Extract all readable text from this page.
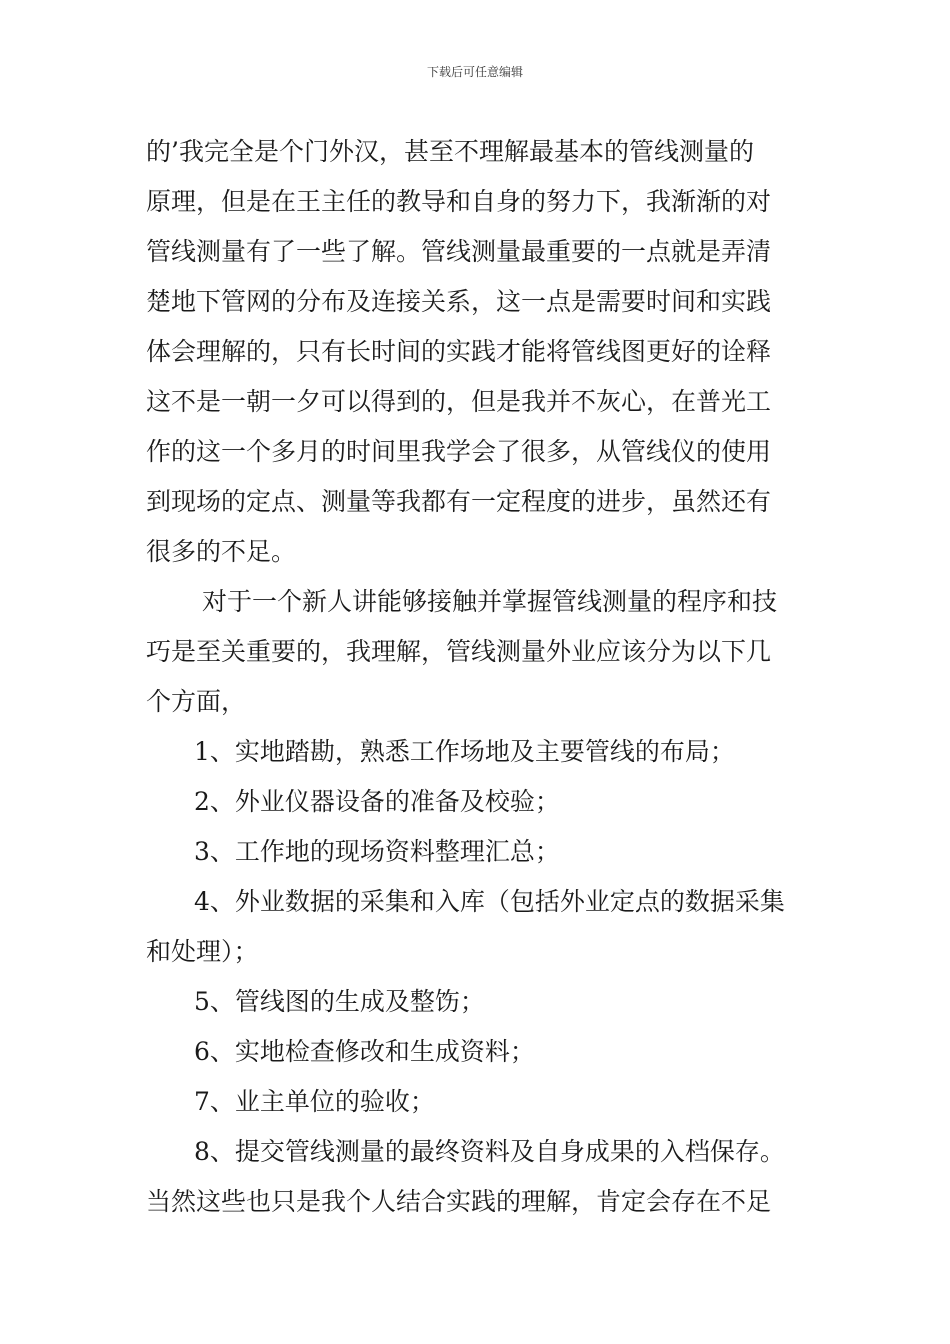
下载后可任意编辑
的’我完全是个门外汉，甚至不理解最基本的管线测量的
原理，但是在王主任的教导和自身的努力下，我渐渐的对
管线测量有了一些了解。管线测量最重要的一点就是弄清
楚地下管网的分布及连接关系，这一点是需要时间和实践
体会理解的，只有长时间的实践才能将管线图更好的诠释
这不是一朝一夕可以得到的，但是我并不灰心，在普光工
作的这一个多月的时间里我学会了很多，从管线仪的使用
到现场的定点、测量等我都有一定程度的进步，虽然还有
很多的不足。
对于一个新人讲能够接触并掌握管线测量的程序和技
巧是至关重要的，我理解，管线测量外业应该分为以下几
个方面，
1、实地踏勘，熟悉工作场地及主要管线的布局；
2、外业仪器设备的准备及校验；
3、工作地的现场资料整理汇总；
4、外业数据的采集和入库（包括外业定点的数据采集
和处理）；
5、管线图的生成及整饬；
6、实地检查修改和生成资料；
7、业主单位的验收；
8、提交管线测量的最终资料及自身成果的入档保存。
当然这些也只是我个人结合实践的理解，肯定会存在不足
